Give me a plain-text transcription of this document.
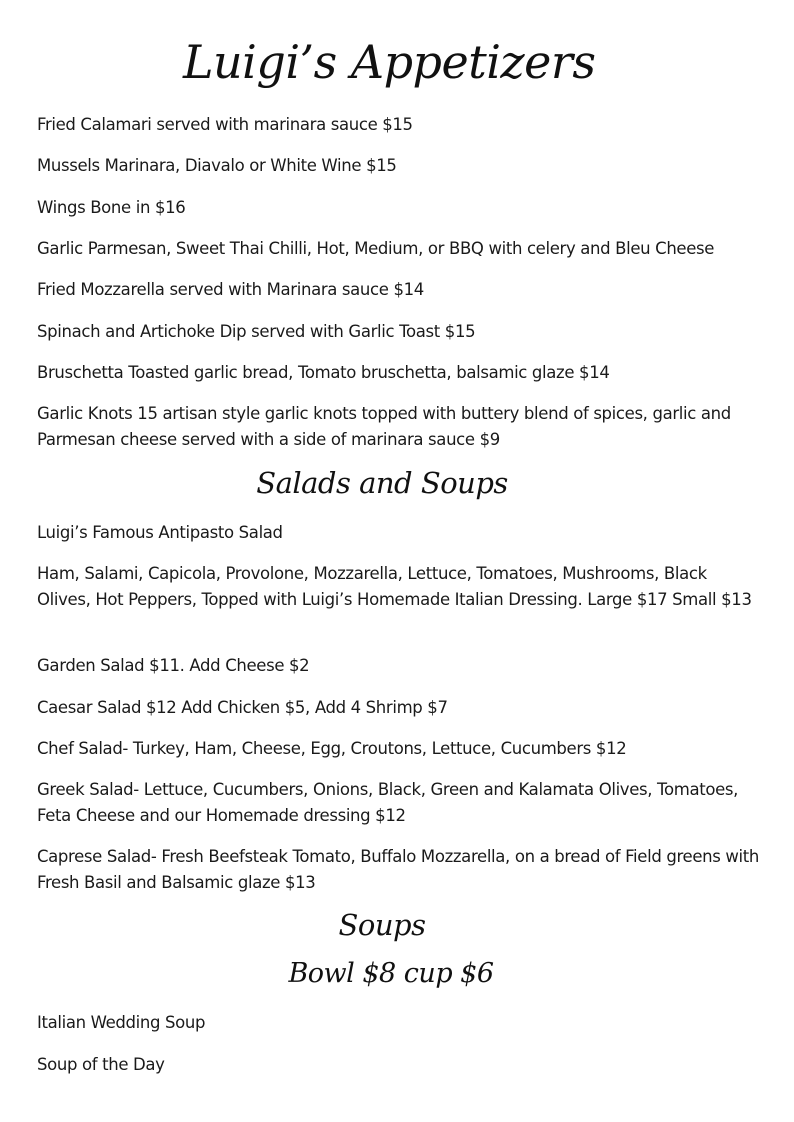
Luigi’s Appetizers

Fried Calamari served with marinara sauce $15

Mussels Marinara, Diavalo or White Wine $15

Wings Bone in $16

Garlic Parmesan, Sweet Thai Chilli, Hot, Medium, or BBQ with celery and Bleu Cheese

Fried Mozzarella served with Marinara sauce $14

Spinach and Artichoke Dip served with Garlic Toast $15

Bruschetta Toasted garlic bread, Tomato bruschetta, balsamic glaze $14

Garlic Knots 15 artisan style garlic knots topped with buttery blend of spices, garlic and Parmesan cheese served with a side of marinara sauce $9

Salads and Soups

Luigi’s Famous Antipasto Salad

Ham, Salami, Capicola, Provolone, Mozzarella, Lettuce, Tomatoes, Mushrooms, Black Olives, Hot Peppers, Topped with Luigi’s Homemade Italian Dressing. Large $17 Small $13

Garden Salad $11. Add Cheese $2

Caesar Salad $12 Add Chicken $5, Add 4 Shrimp $7

Chef Salad- Turkey, Ham, Cheese, Egg, Croutons, Lettuce, Cucumbers $12

Greek Salad- Lettuce, Cucumbers, Onions, Black, Green and Kalamata Olives, Tomatoes, Feta Cheese and our Homemade dressing $12

Caprese Salad- Fresh Beefsteak Tomato, Buffalo Mozzarella, on a bread of Field greens with Fresh Basil and Balsamic glaze $13

Soups
Bowl $8 cup $6

Italian Wedding Soup

Soup of the Day
